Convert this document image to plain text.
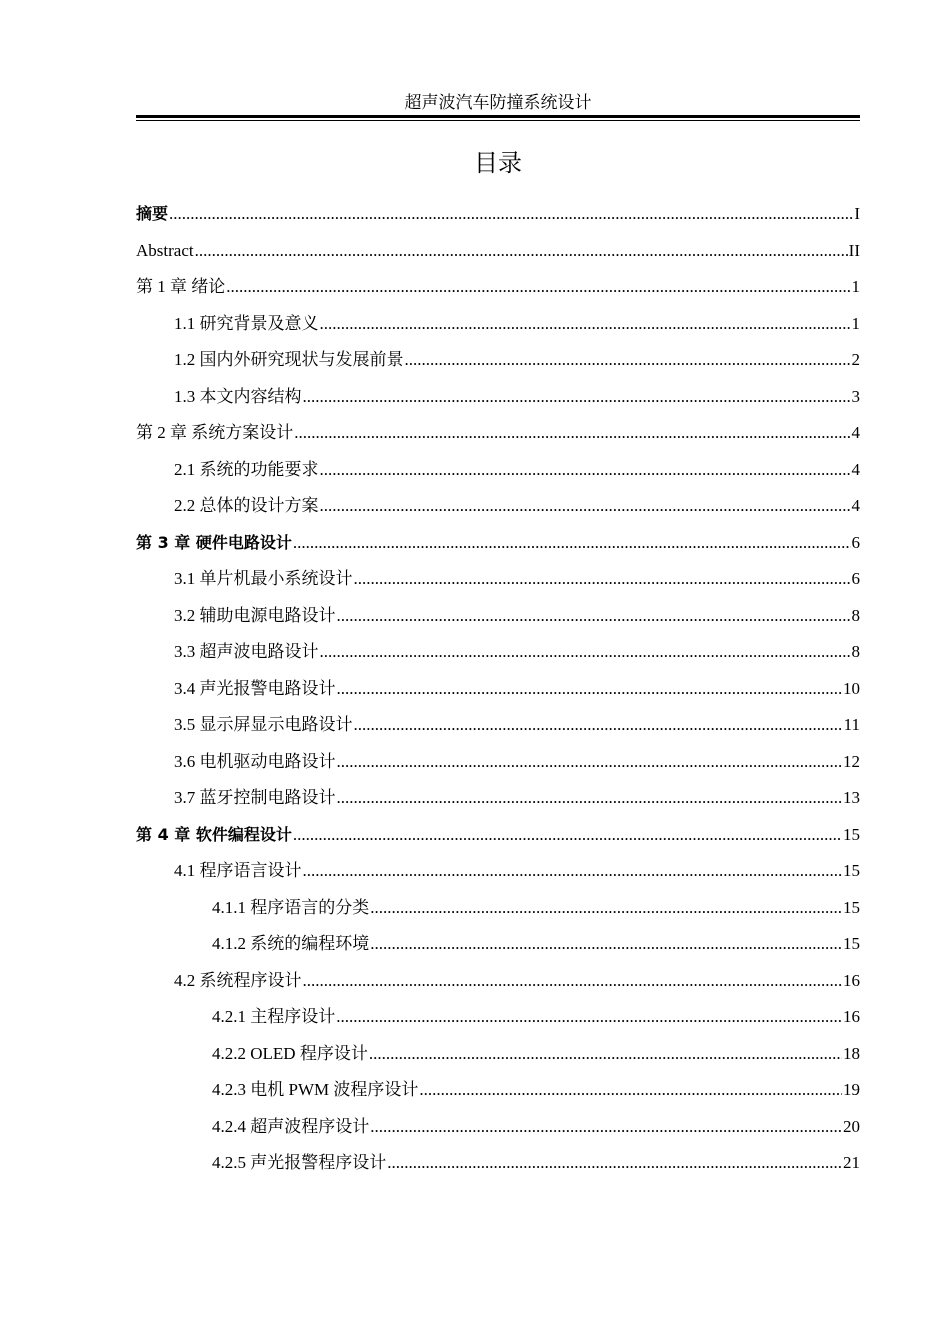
超声波汽车防撞系统设计
目录
摘要 .....	I
Abstract .....	II
第 1 章 绪论 .....	1
1.1 研究背景及意义 .....	1
1.2 国内外研究现状与发展前景 .....	2
1.3 本文内容结构 .....	3
第 2 章 系统方案设计 .....	4
2.1 系统的功能要求 .....	4
2.2 总体的设计方案 .....	4
第 3 章 硬件电路设计 .....	6
3.1 单片机最小系统设计 .....	6
3.2 辅助电源电路设计 .....	8
3.3 超声波电路设计 .....	8
3.4 声光报警电路设计 .....	10
3.5 显示屏显示电路设计 .....	11
3.6 电机驱动电路设计 .....	12
3.7 蓝牙控制电路设计 .....	13
第 4 章 软件编程设计 .....	15
4.1 程序语言设计 .....	15
4.1.1 程序语言的分类 .....	15
4.1.2 系统的编程环境 .....	15
4.2 系统程序设计 .....	16
4.2.1 主程序设计 .....	16
4.2.2 OLED 程序设计 .....	18
4.2.3 电机 PWM 波程序设计 .....	19
4.2.4 超声波程序设计 .....	20
4.2.5 声光报警程序设计 .....	21
